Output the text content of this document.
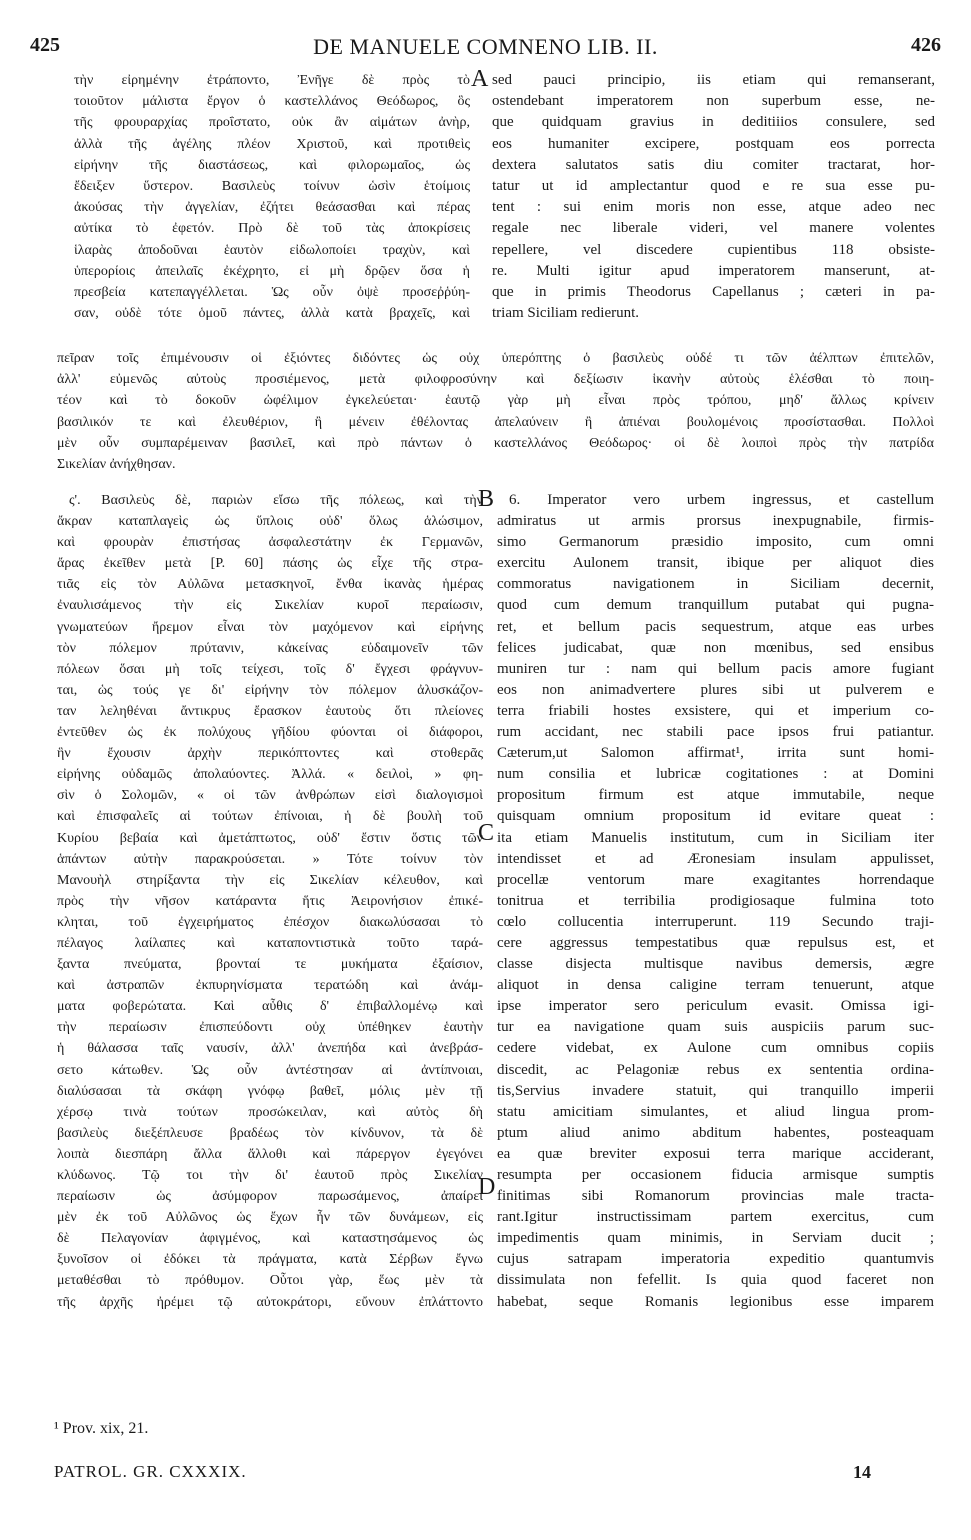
425	DE MANUELE COMNENO LIB. II.	426
τὴν εἰρημένην ἐτράποντο, Ἐνῆγε δὲ πρὸς τὸ
τοιοῦτον μάλιστα ἔργον ὁ καστελλάνος Θεόδωρος, ὃς
τῆς φρουραρχίας προΐστατο, οὐκ ἂν αἱμάτων ἀνὴρ,
ἀλλὰ τῆς ἀγέλης πλέον Χριστοῦ, καὶ προτιθεὶς
εἰρήνην τῆς διαστάσεως, καὶ φιλορωμαῖος, ὡς
ἔδειξεν ὕστερον. Βασιλεὺς τοίνυν ὡσὶν ἑτοίμοις
ἀκούσας τὴν ἀγγελίαν, ἐζήτει θεάσασθαι καὶ πέρας
αὐτίκα τὸ ἐφετόν. Πρὸ δὲ τοῦ τὰς ἀποκρίσεις
ἱλαρὰς ἀποδοῦναι ἑαυτὸν εἰδωλοποίει τραχὺν, καὶ
ὑπερορίοις ἀπειλαῖς ἐκέχρητο, εἰ μὴ δρῷεν ὅσα ἡ
πρεσβεία κατεπαγγέλλεται. Ὡς οὖν ὀψὲ προσεῤῥύη-
σαν, οὐδὲ τότε ὁμοῦ πάντες, ἀλλὰ κατὰ βραχεῖς, καὶ
sed pauci principio, iis etiam qui remanserant,
ostendebant imperatorem non superbum esse, ne-
que quidquam gravius in deditiiios consulere, sed
eos humaniter excipere, postquam eos porrecta
dextera salutatos satis diu comiter tractarat, hor-
tatur ut id amplectantur quod e re sua esse pu-
tent : sui enim moris non esse, atque adeo nec
regale nec liberale videri, vel manere volentes
repellere, vel discedere cupientibus 118 obsiste-
re. Multi igitur apud imperatorem manserunt, at-
que in primis Theodorus Capellanus ; cæteri in pa-
triam Siciliam redierunt.
πεῖραν τοῖς ἐπιμένουσιν οἱ ἐξιόντες διδόντες ὡς οὐχ ὑπερόπτης ὁ βασιλεὺς οὐδέ τι τῶν ἀέλπτων ἐπιτελῶν,
ἀλλ' εὐμενῶς αὐτοὺς προσιέμενος, μετὰ φιλοφροσύνην καὶ δεξίωσιν ἱκανὴν αὐτοὺς ἑλέσθαι τὸ ποιη-
τέον καὶ τὸ δοκοῦν ὠφέλιμον ἐγκελεύεται· ἑαυτῷ γὰρ μὴ εἶναι πρὸς τρόπου, μηδ' ἄλλως κρίνειν
βασιλικόν τε καὶ ἐλευθέριον, ἢ μένειν ἐθέλοντας ἀπελαύνειν ἢ ἀπιέναι βουλομένοις προσίστασθαι. Πολλοὶ
μὲν οὖν συμπαρέμειναν βασιλεῖ, καὶ πρὸ πάντων ὁ καστελλάνος Θεόδωρος· οἱ δὲ λοιποὶ πρὸς τὴν πατρίδα
Σικελίαν ἀνήχθησαν.
ς'. Βασιλεὺς δὲ, παριὼν εἴσω τῆς πόλεως, καὶ τὴν
ἄκραν καταπλαγεὶς ὡς ὕπλοις οὐδ' ὅλως ἁλώσιμον,
καὶ φρουρὰν ἐπιστήσας ἀσφαλεστάτην ἐκ Γερμανῶν,
ἄρας ἐκεῖθεν μετὰ [P. 60] πάσης ὡς εἶχε τῆς στρα-
τιᾶς εἰς τὸν Αὐλῶνα μετασκηνοῖ, ἔνθα ἱκανὰς ἡμέρας
ἐναυλισάμενος τὴν εἰς Σικελίαν κυροῖ περαίωσιν,
γνωματεύων ἤρεμον εἶναι τὸν μαχόμενον καὶ εἰρήνης
τὸν πόλεμον πρύτανιν, κἀκείνας εὐδαιμονεῖν τῶν
πόλεων ὅσαι μὴ τοῖς τείχεσι, τοῖς δ' ἔγχεσι φράγνυν-
ται, ὡς τούς γε δι' εἰρήνην τὸν πόλεμον ἀλυσκάζον-
ταν λεληθέναι ἄντικρυς ἔρασκον ἑαυτοὺς ὅτι πλείονες
ἐντεῦθεν ὡς ἐκ πολύχους γῆδίου φύονται οἱ διάφοροι,
ἣν ἔχουσιν ἀρχὴν περικόπτοντες καὶ στοθερᾶς
εἰρήνης οὐδαμῶς ἀπολαύοντες. Ἀλλά. « δειλοὶ, » φη-
σὶν ὁ Σολομῶν, « οἱ τῶν ἀνθρώπων εἰσὶ διαλογισμοὶ
καὶ ἐπισφαλεῖς αἱ τούτων ἐπίνοιαι, ἡ δὲ βουλὴ τοῦ
Κυρίου βεβαία καὶ ἀμετάπτωτος, οὐδ' ἔστιν ὅστις τῶν
ἁπάντων αὐτὴν παρακρούσεται. » Τότε τοίνυν τὸν
Μανουὴλ στηρίξαντα τὴν εἰς Σικελίαν κέλευθον, καὶ
πρὸς τὴν νῆσον κατάραντα ἥτις Ἀειρονήσιον ἐπικέ-
κληται, τοῦ ἐγχειρήματος ἐπέσχον διακωλύσασαι τὸ
πέλαγος λαίλαπες καὶ καταποντιστικὰ τοῦτο ταρά-
ξαντα πνεύματα, βρονταί τε μυκήματα ἐξαίσιον,
καὶ ἀστραπῶν ἐκπυρηνίσματα τερατώδη καὶ ἀνάμ-
ματα φοβερώτατα. Καὶ αὖθις δ' ἐπιβαλλομένῳ καὶ
τὴν περαίωσιν ἐπισπεύδοντι οὐχ ὑπέθηκεν ἑαυτὴν
ἡ θάλασσα ταῖς ναυσίν, ἀλλ' ἀνεπήδα καὶ ἀνεβράσ-
σετο κάτωθεν. Ὡς οὖν ἀντέστησαν αἱ ἀντίπνοιαι,
διαλύσασαι τὰ σκάφη γνόφῳ βαθεῖ, μόλις μὲν τῇ
χέρσῳ τινὰ τούτων προσώκειλαν, καὶ αὐτὸς δὴ
βασιλεὺς διεξέπλευσε βραδέως τὸν κίνδυνον, τὰ δὲ
λοιπὰ διεσπάρη ἄλλα ἄλλοθι καὶ πάρεργον ἐγεγόνει
κλύδωνος. Τῷ τοι τὴν δι' ἑαυτοῦ πρὸς Σικελίαν
περαίωσιν ὡς ἀσύμφορον παρωσάμενος, ἀπαίρει
μὲν ἐκ τοῦ Αὐλῶνος ὡς ἔχων ἦν τῶν δυνάμεων, εἰς
δὲ Πελαγονίαν ἀφιγμένος, καὶ καταστησάμενος ὡς
ξυνοῖσον οἱ ἐδόκει τὰ πράγματα, κατὰ Σέρβων ἔγνω
μεταθέσθαι τὸ πρόθυμον. Οὗτοι γὰρ, ἕως μὲν τὰ
τῆς ἀρχῆς ἠρέμει τῷ αὐτοκράτορι, εὔνουν ἐπλάττοντο
6. Imperator vero urbem ingressus, et castellum
admiratus ut armis prorsus inexpugnabile, firmis-
simo Germanorum præsidio imposito, cum omni
exercitu Aulonem transit, ibique per aliquot dies
commoratus navigationem in Siciliam decernit,
quod cum demum tranquillum putabat qui pugna-
ret, et bellum pacis sequestrum, atque eas urbes
felices judicabat, quæ non mœnibus, sed ensibus
muniren tur : nam qui bellum pacis amore fugiant
eos non animadvertere plures sibi ut pulverem e
terra friabili hostes exsistere, qui et imperium co-
rum accidant, nec stabili pace ipsos frui patiantur.
Cæterum,ut Salomon affirmat¹, irrita sunt homi-
num consilia et lubricæ cogitationes : at Domini
propositum firmum est atque immutabile, neque
quisquam omnium propositum id evitare queat :
ita etiam Manuelis institutum, cum in Siciliam iter
intendisset et ad Æronesiam insulam appulisset,
procellæ ventorum mare exagitantes horrendaque
tonitrua et terribilia prodigiosaque fulmina toto
cœlo collucentia interruperunt. 119 Secundo traji-
cere aggressus tempestatibus quæ repulsus est, et
classe disjecta multisque navibus demersis, ægre
aliquot in densa caligine terram tenuerunt, atque
ipse imperator sero periculum evasit. Omissa igi-
tur ea navigatione quam suis auspiciis parum suc-
cedere videbat, ex Aulone cum omnibus copiis
discedit, ac Pelagoniæ rebus ex sententia ordina-
tis,Servius invadere statuit, qui tranquillo imperii
statu amicitiam simulantes, et aliud lingua prom-
ptum aliud animo abditum habentes, posteaquam
ea quæ breviter exposui terra marique acciderant,
resumpta per occasionem fiducia armisque sumptis
finitimas sibi Romanorum provincias male tracta-
rant.Igitur instructissimam partem exercitus, cum
impedimentis quam minimis, in Serviam ducit ;
cujus satrapam imperatoria expeditio quantumvis
dissimulata non fefellit. Is quia quod faceret non
habebat, seque Romanis legionibus esse imparem
A
B
C
D
¹ Prov. xix, 21.
PATROL. GR. CXXXIX.	14
